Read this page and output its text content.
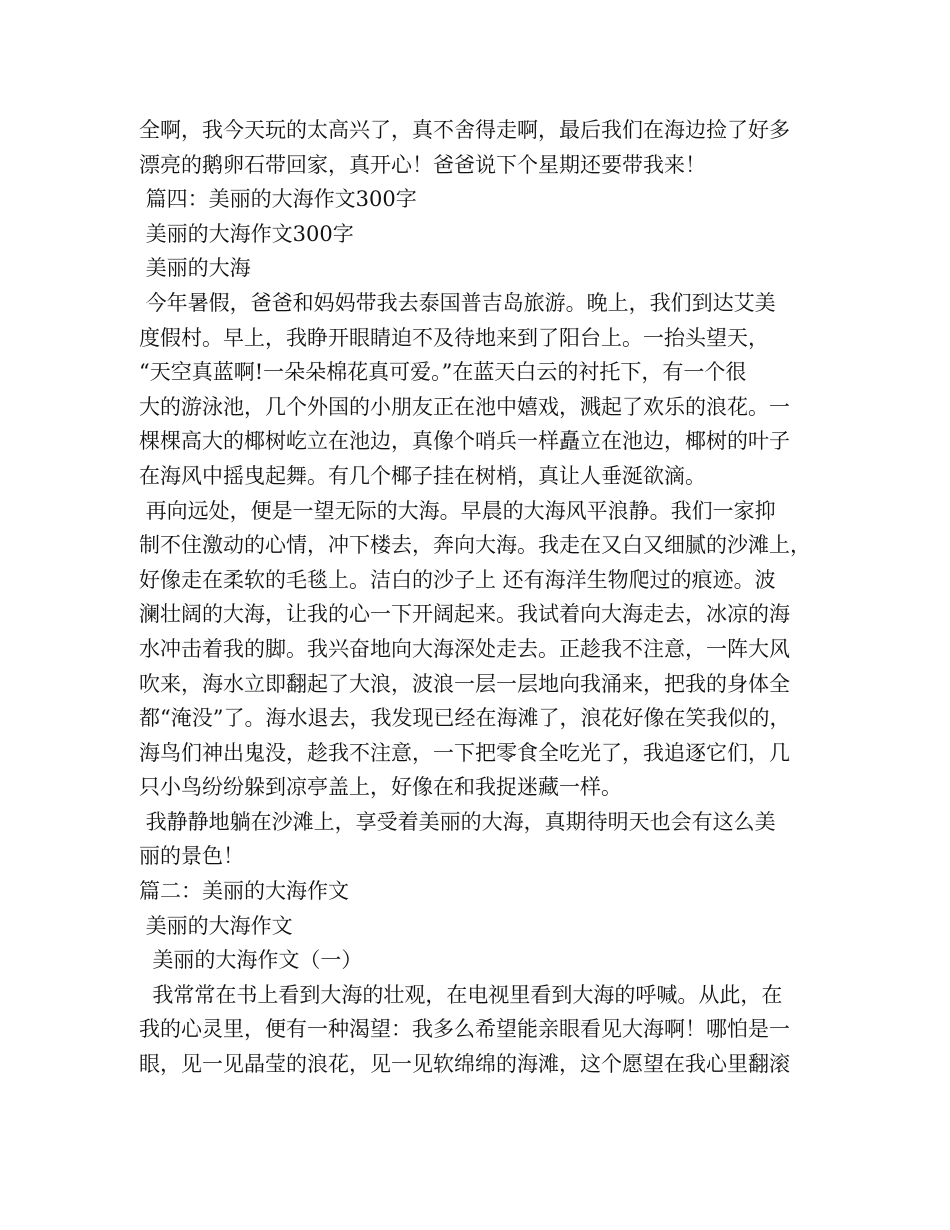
全啊，我今天玩的太高兴了，真不舍得走啊，最后我们在海边捡了好多
漂亮的鹅卵石带回家，真开心！爸爸说下个星期还要带我来！
篇四：美丽的大海作文300字
美丽的大海作文300字
美丽的大海
今年暑假，爸爸和妈妈带我去泰国普吉岛旅游。晚上，我们到达艾美
度假村。早上，我睁开眼睛迫不及待地来到了阳台上。一抬头望天，
“天空真蓝啊!一朵朵棉花真可爱。”在蓝天白云的衬托下，有一个很
大的游泳池，几个外国的小朋友正在池中嬉戏，溅起了欢乐的浪花。一
棵棵高大的椰树屹立在池边，真像个哨兵一样矗立在池边，椰树的叶子
在海风中摇曳起舞。有几个椰子挂在树梢，真让人垂涎欲滴。
再向远处，便是一望无际的大海。早晨的大海风平浪静。我们一家抑
制不住激动的心情，冲下楼去，奔向大海。我走在又白又细腻的沙滩上，
好像走在柔软的毛毯上。洁白的沙子上 还有海洋生物爬过的痕迹。波
澜壮阔的大海，让我的心一下开阔起来。我试着向大海走去，冰凉的海
水冲击着我的脚。我兴奋地向大海深处走去。正趁我不注意，一阵大风
吹来，海水立即翻起了大浪，波浪一层一层地向我涌来，把我的身体全
都“淹没”了。海水退去，我发现已经在海滩了，浪花好像在笑我似的，
海鸟们神出鬼没，趁我不注意，一下把零食全吃光了，我追逐它们，几
只小鸟纷纷躲到凉亭盖上，好像在和我捉迷藏一样。
我静静地躺在沙滩上，享受着美丽的大海，真期待明天也会有这么美
丽的景色！
篇二：美丽的大海作文
美丽的大海作文
美丽的大海作文（一）
我常常在书上看到大海的壮观，在电视里看到大海的呼喊。从此，在
我的心灵里，便有一种渴望：我多么希望能亲眼看见大海啊！哪怕是一
眼，见一见晶莹的浪花，见一见软绵绵的海滩，这个愿望在我心里翻滚
